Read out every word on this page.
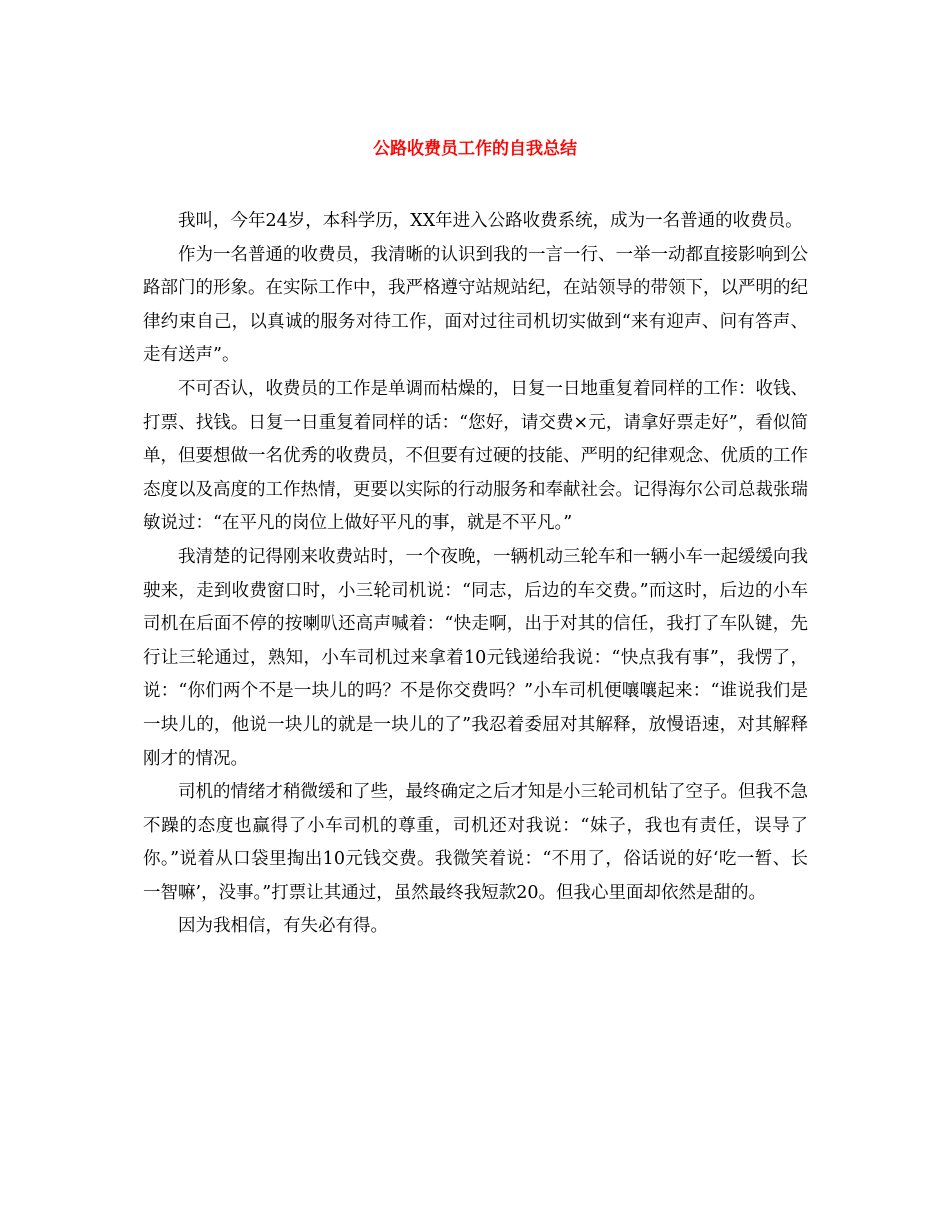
公路收费员工作的自我总结

我叫，今年24岁，本科学历，XX年进入公路收费系统，成为一名普通的收费员。

作为一名普通的收费员，我清晰的认识到我的一言一行、一举一动都直接影响到公路部门的形象。在实际工作中，我严格遵守站规站纪，在站领导的带领下，以严明的纪律约束自己，以真诚的服务对待工作，面对过往司机切实做到“来有迎声、问有答声、走有送声”。

不可否认，收费员的工作是单调而枯燥的，日复一日地重复着同样的工作：收钱、打票、找钱。日复一日重复着同样的话：“您好，请交费×元，请拿好票走好”，看似简单，但要想做一名优秀的收费员，不但要有过硬的技能、严明的纪律观念、优质的工作态度以及高度的工作热情，更要以实际的行动服务和奉献社会。记得海尔公司总裁张瑞敏说过：“在平凡的岗位上做好平凡的事，就是不平凡。”

我清楚的记得刚来收费站时，一个夜晚，一辆机动三轮车和一辆小车一起缓缓向我驶来，走到收费窗口时，小三轮司机说：“同志，后边的车交费。”而这时，后边的小车司机在后面不停的按喇叭还高声喊着：“快走啊，出于对其的信任，我打了车队键，先行让三轮通过，熟知，小车司机过来拿着10元钱递给我说：“快点我有事”，我愣了，说：“你们两个不是一块儿的吗？不是你交费吗？”小车司机便嚷嚷起来：“谁说我们是一块儿的，他说一块儿的就是一块儿的了”我忍着委屈对其解释，放慢语速，对其解释刚才的情况。

司机的情绪才稍微缓和了些，最终确定之后才知是小三轮司机钻了空子。但我不急不躁的态度也赢得了小车司机的尊重，司机还对我说：“妹子，我也有责任，误导了你。”说着从口袋里掏出10元钱交费。我微笑着说：“不用了，俗话说的好‘吃一暂、长一智嘛’，没事。”打票让其通过，虽然最终我短款20。但我心里面却依然是甜的。

因为我相信，有失必有得。
